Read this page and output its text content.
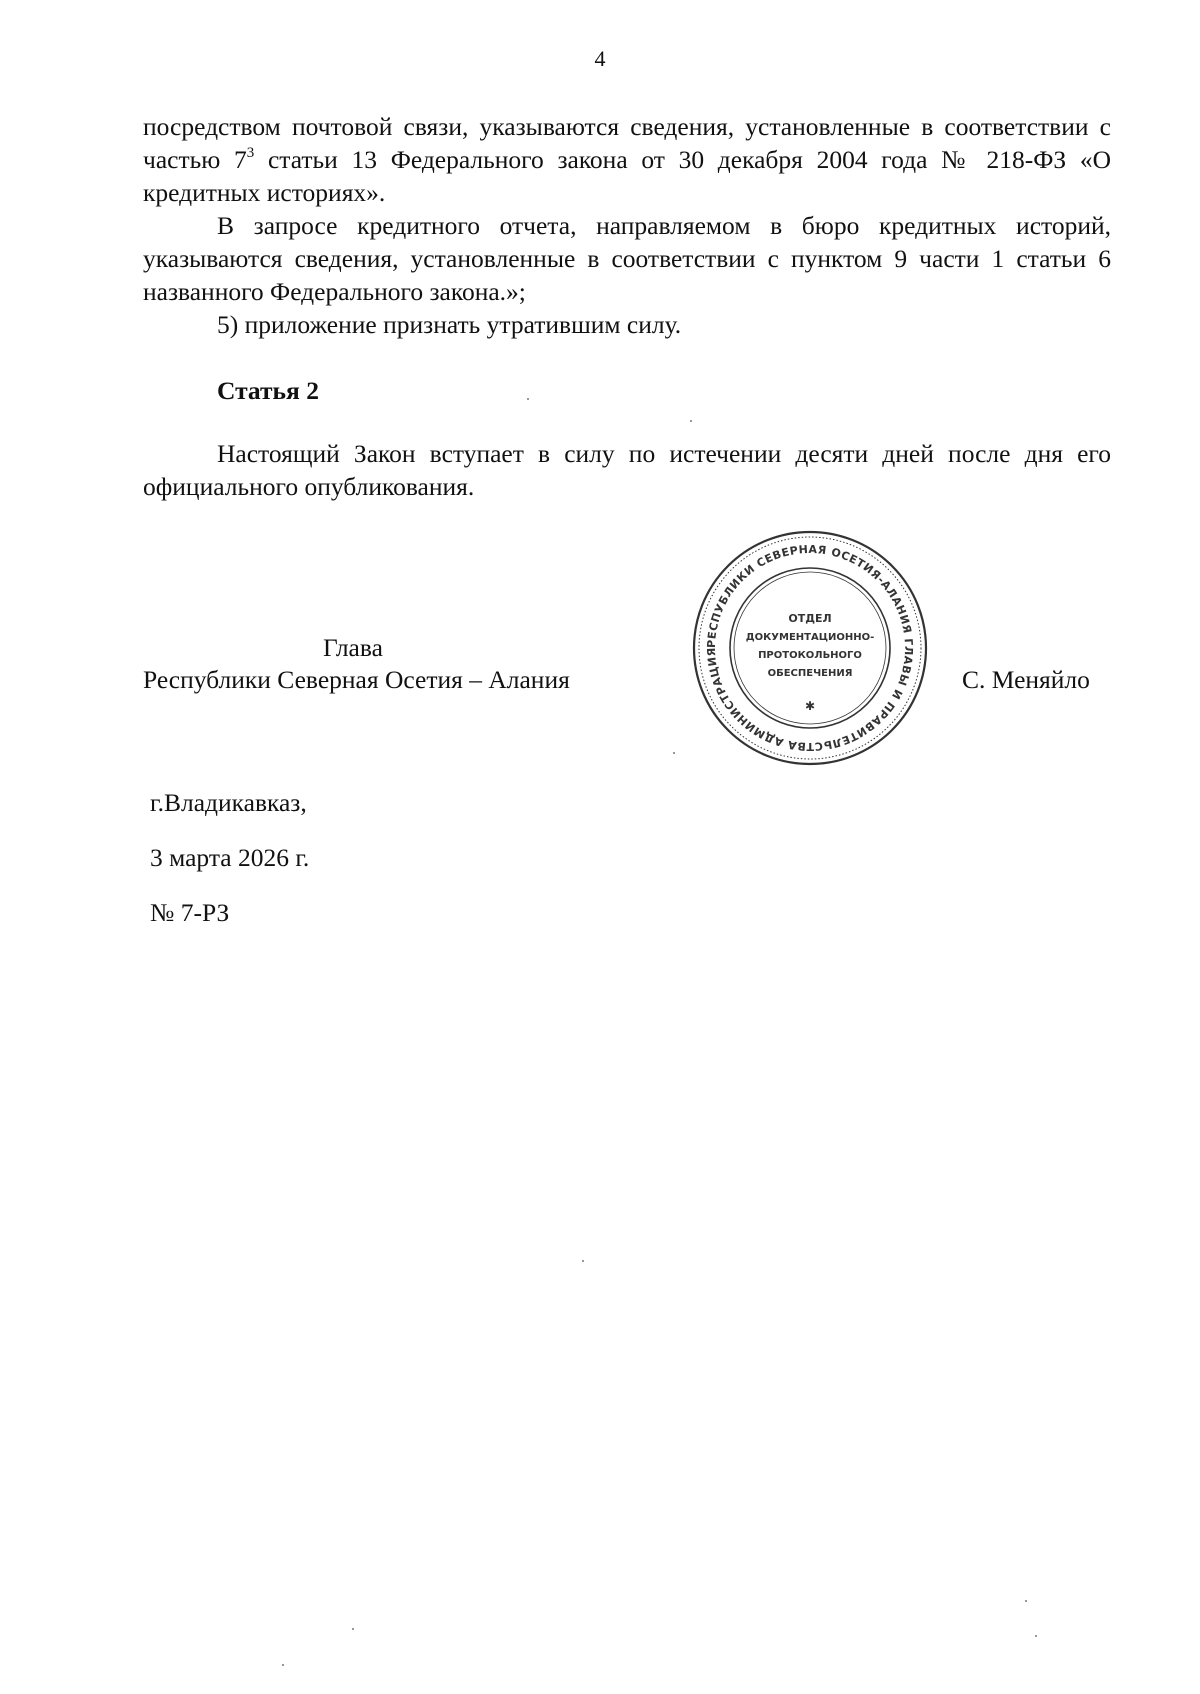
4

посредством почтовой связи, указываются сведения, установленные в соответствии с частью $7^3$ статьи 13 Федерального закона от 30 декабря 2004 года № 218-ФЗ «О кредитных историях».

В запросе кредитного отчета, направляемом в бюро кредитных историй, указываются сведения, установленные в соответствии с пунктом 9 части 1 статьи 6 названного Федерального закона.»;

5) приложение признать утратившим силу.

Статья 2
Настоящий Закон вступает в силу по истечении десяти дней после дня его официального опубликования.
Глава
Республики Северная Осетия – Алания	С. Меняйло
РЕСПУБЛИКИ СЕВЕРНАЯ ОСЕТИЯ-АЛАНИЯ ГЛАВЫ И ПРАВИТЕЛЬСТВА АДМИНИСТРАЦИЯ
ОТДЕЛ
ДОКУМЕНТАЦИОННО-
ПРОТОКОЛЬНОГО
ОБЕСПЕЧЕНИЯ
✱
г.Владикавказ,
3 марта 2026 г.
№ 7-РЗ
